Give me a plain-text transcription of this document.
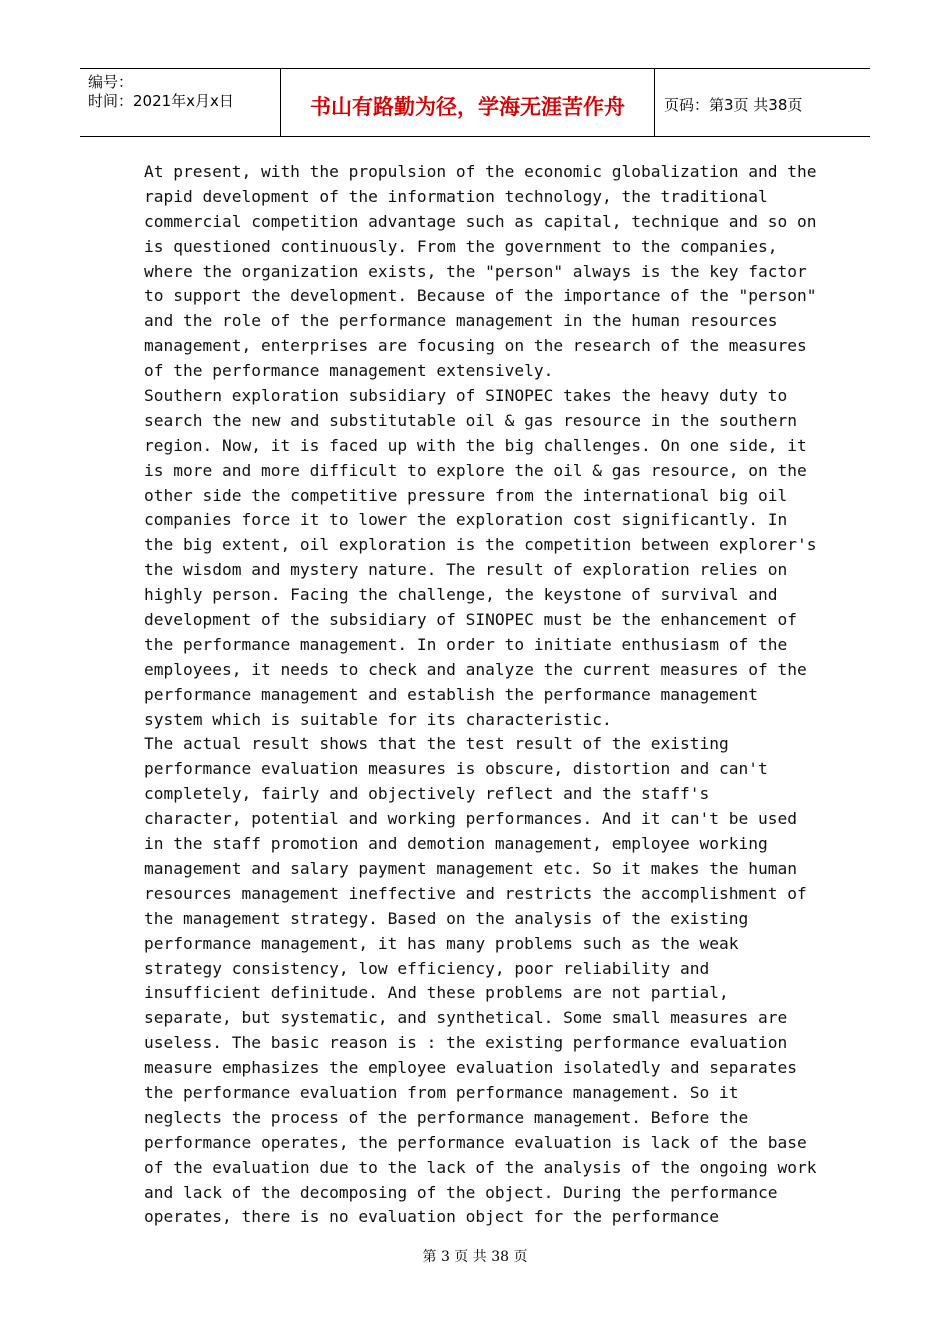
编号：
时间：2021年x月x日	书山有路勤为径，学海无涯苦作舟	页码：第3页 共38页
At present, with the propulsion of the economic globalization and the
rapid development of the information technology, the traditional
commercial competition advantage such as capital, technique and so on
is questioned continuously. From the government to the companies,
where the organization exists, the "person" always is the key factor
to support the development. Because of the importance of the "person"
and the role of the performance management in the human resources
management, enterprises are focusing on the research of the measures
of the performance management extensively.
Southern exploration subsidiary of SINOPEC takes the heavy duty to
search the new and substitutable oil & gas resource in the southern
region. Now, it is faced up with the big challenges. On one side, it
is more and more difficult to explore the oil & gas resource, on the
other side the competitive pressure from the international big oil
companies force it to lower the exploration cost significantly. In
the big extent, oil exploration is the competition between explorer's
the wisdom and mystery nature. The result of exploration relies on
highly person. Facing the challenge, the keystone of survival and
development of the subsidiary of SINOPEC must be the enhancement of
the performance management. In order to initiate enthusiasm of the
employees, it needs to check and analyze the current measures of the
performance management and establish the performance management
system which is suitable for its characteristic.
The actual result shows that the test result of the existing
performance evaluation measures is obscure, distortion and can't
completely, fairly and objectively reflect and the staff's
character, potential and working performances. And it can't be used
in the staff promotion and demotion management, employee working
management and salary payment management etc. So it makes the human
resources management ineffective and restricts the accomplishment of
the management strategy. Based on the analysis of the existing
performance management, it has many problems such as the weak
strategy consistency, low efficiency, poor reliability and
insufficient definitude. And these problems are not partial,
separate, but systematic, and synthetical. Some small measures are
useless. The basic reason is : the existing performance evaluation
measure emphasizes the employee evaluation isolatedly and separates
the performance evaluation from performance management. So it
neglects the process of the performance management. Before the
performance operates, the performance evaluation is lack of the base
of the evaluation due to the lack of the analysis of the ongoing work
and lack of the decomposing of the object. During the performance
operates, there is no evaluation object for the performance
第 3 页 共 38 页
